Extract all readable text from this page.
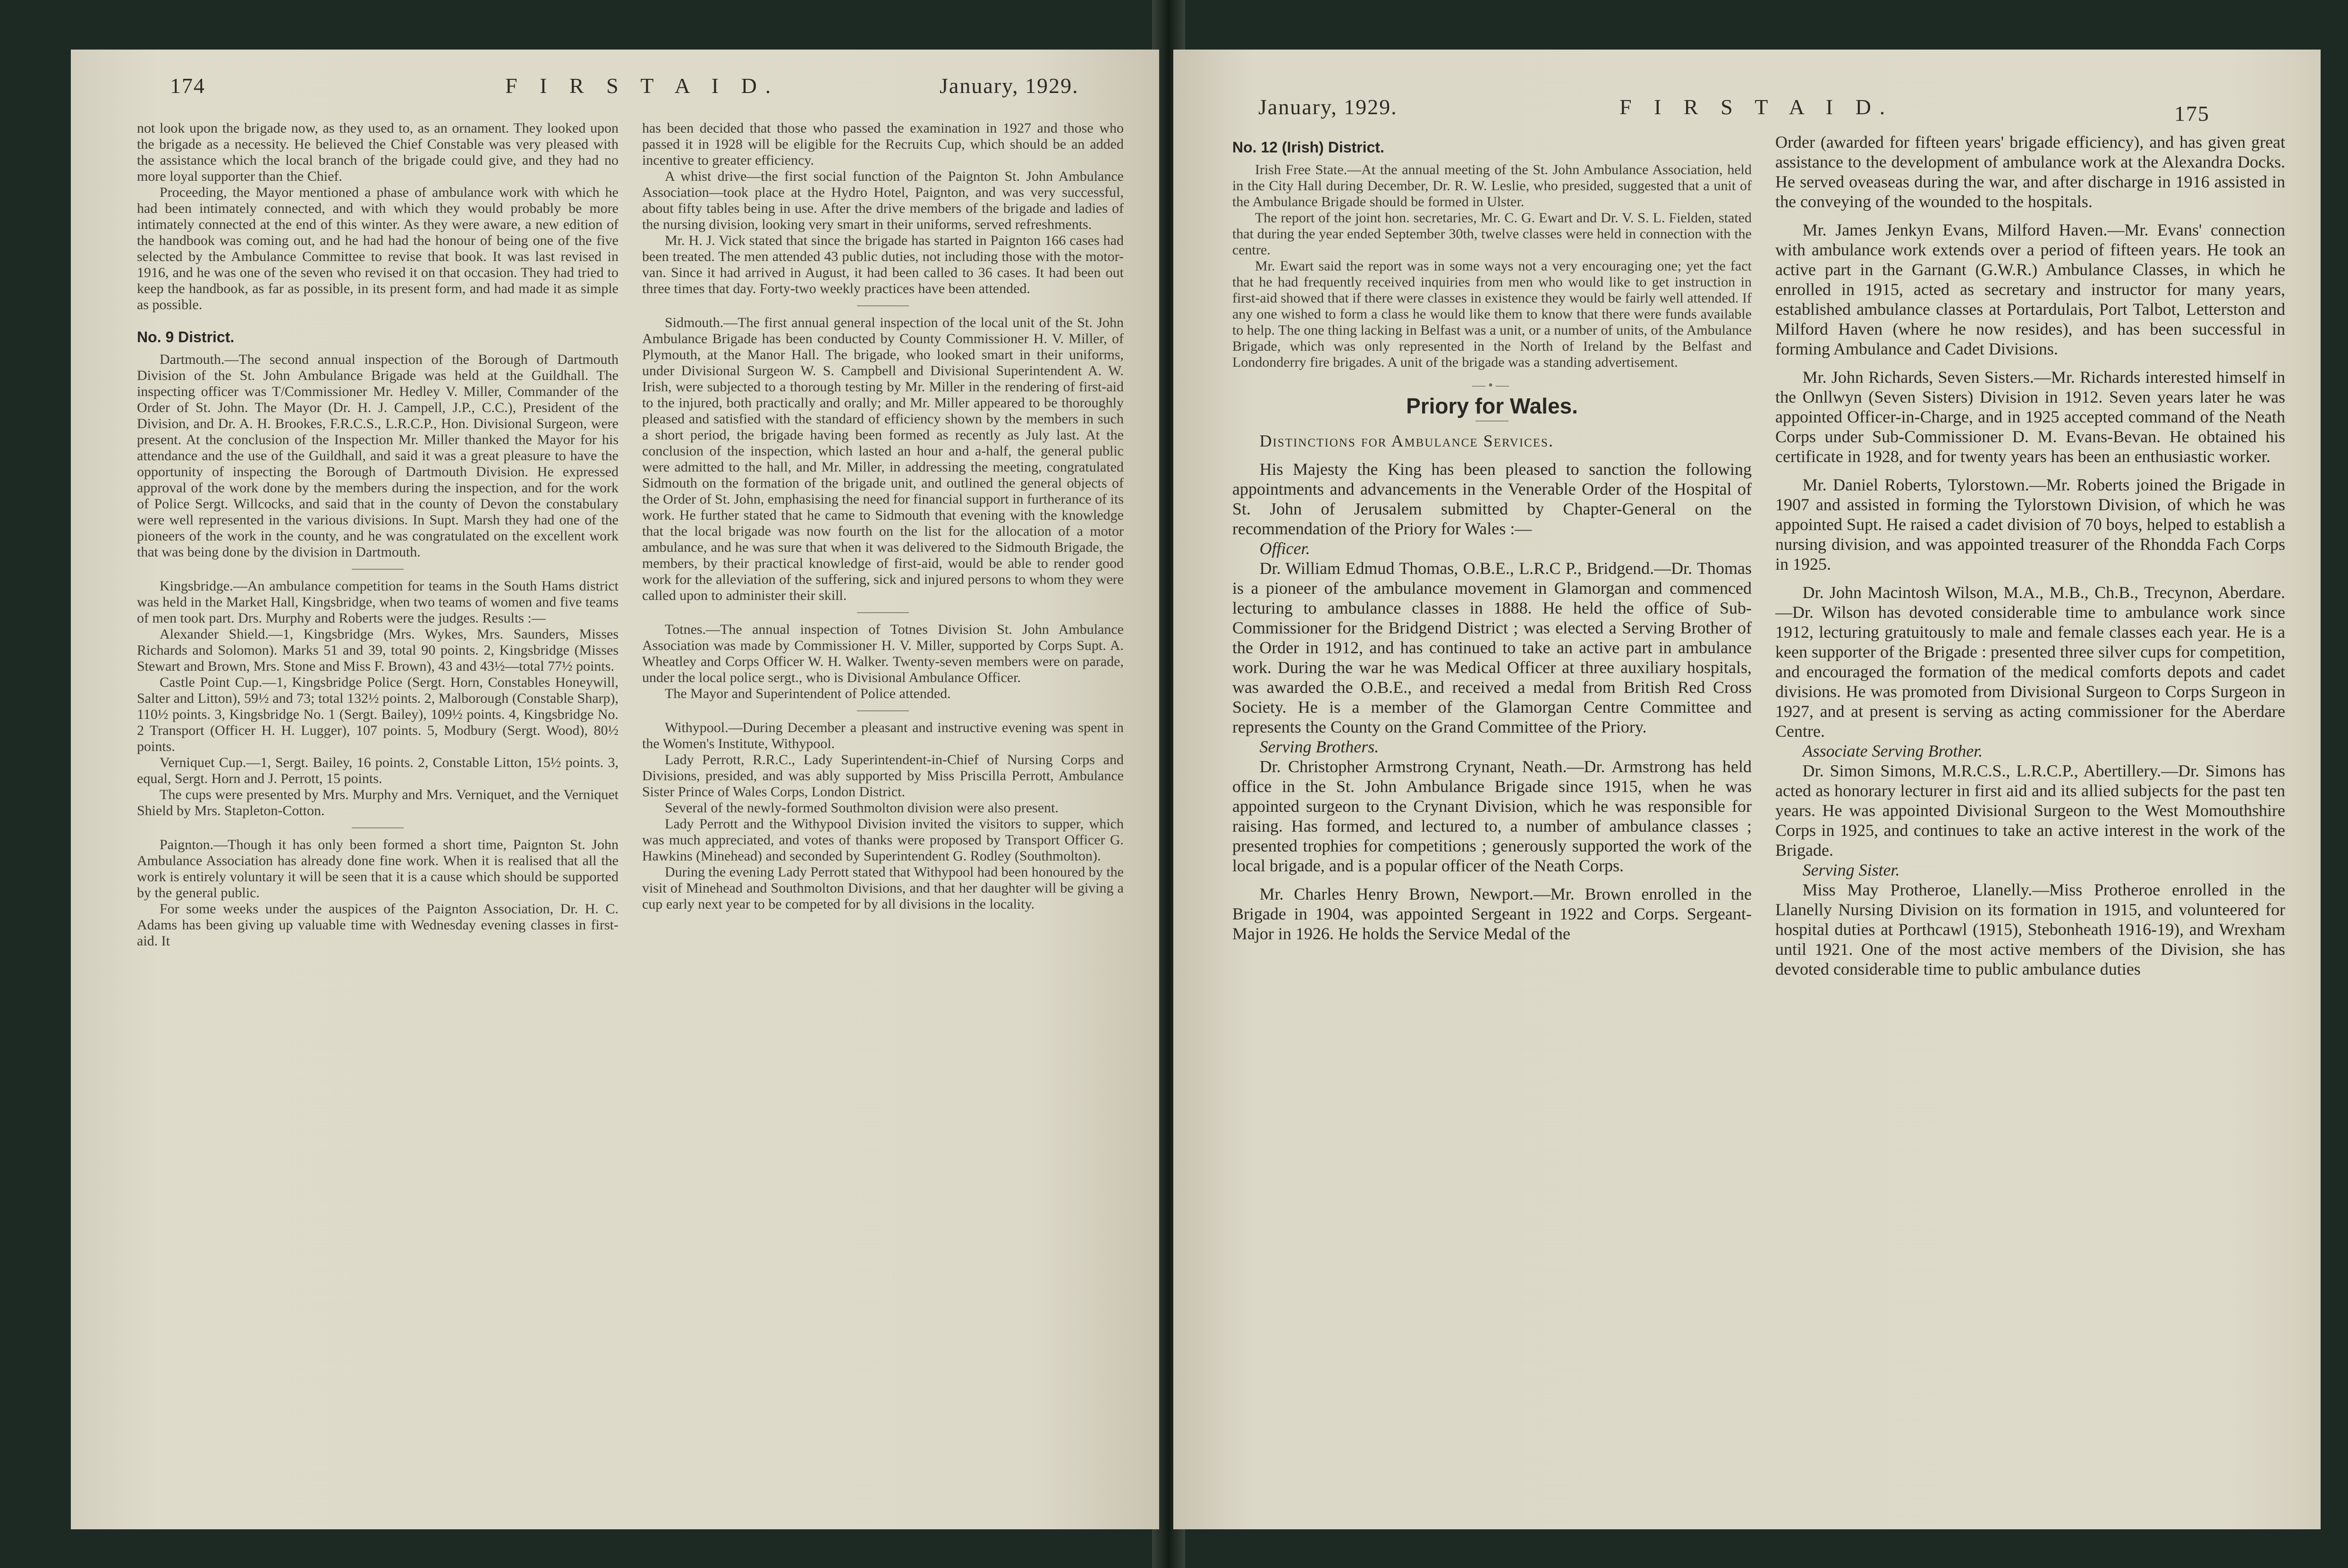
174	F I R S T A I D.	January, 1929.

not look upon the brigade now, as they used to, as an ornament. They looked upon the brigade as a necessity. He believed the Chief Constable was very pleased with the assistance which the local branch of the brigade could give, and they had no more loyal supporter than the Chief.

Proceeding, the Mayor mentioned a phase of ambulance work with which he had been intimately connected, and with which they would probably be more intimately connected at the end of this winter. As they were aware, a new edition of the handbook was coming out, and he had had the honour of being one of the five selected by the Ambulance Committee to revise that book. It was last revised in 1916, and he was one of the seven who revised it on that occasion. They had tried to keep the handbook, as far as possible, in its present form, and had made it as simple as possible.

No. 9 District.

Dartmouth.—The second annual inspection of the Borough of Dartmouth Division of the St. John Ambulance Brigade was held at the Guildhall. The inspecting officer was T/Commissioner Mr. Hedley V. Miller, Commander of the Order of St. John. The Mayor (Dr. H. J. Campell, J.P., C.C.), President of the Division, and Dr. A. H. Brookes, F.R.C.S., L.R.C.P., Hon. Divisional Surgeon, were present. At the conclusion of the Inspection Mr. Miller thanked the Mayor for his attendance and the use of the Guildhall, and said it was a great pleasure to have the opportunity of inspecting the Borough of Dartmouth Division. He expressed approval of the work done by the members during the inspection, and for the work of Police Sergt. Willcocks, and said that in the county of Devon the constabulary were well represented in the various divisions. In Supt. Marsh they had one of the pioneers of the work in the county, and he was congratulated on the excellent work that was being done by the division in Dartmouth.

Kingsbridge.—An ambulance competition for teams in the South Hams district was held in the Market Hall, Kingsbridge, when two teams of women and five teams of men took part. Drs. Murphy and Roberts were the judges. Results :—

Alexander Shield.—1, Kingsbridge (Mrs. Wykes, Mrs. Saunders, Misses Richards and Solomon). Marks 51 and 39, total 90 points. 2, Kingsbridge (Misses Stewart and Brown, Mrs. Stone and Miss F. Brown), 43 and 43½—total 77½ points.

Castle Point Cup.—1, Kingsbridge Police (Sergt. Horn, Constables Honeywill, Salter and Litton), 59½ and 73; total 132½ points. 2, Malborough (Constable Sharp), 110½ points. 3, Kingsbridge No. 1 (Sergt. Bailey), 109½ points. 4, Kingsbridge No. 2 Transport (Officer H. H. Lugger), 107 points. 5, Modbury (Sergt. Wood), 80½ points.

Verniquet Cup.—1, Sergt. Bailey, 16 points. 2, Constable Litton, 15½ points. 3, equal, Sergt. Horn and J. Perrott, 15 points.

The cups were presented by Mrs. Murphy and Mrs. Verniquet, and the Verniquet Shield by Mrs. Stapleton-Cotton.

Paignton.—Though it has only been formed a short time, Paignton St. John Ambulance Association has already done fine work. When it is realised that all the work is entirely voluntary it will be seen that it is a cause which should be supported by the general public.

For some weeks under the auspices of the Paignton Association, Dr. H. C. Adams has been giving up valuable time with Wednesday evening classes in first-aid. It

has been decided that those who passed the examination in 1927 and those who passed it in 1928 will be eligible for the Recruits Cup, which should be an added incentive to greater efficiency.

A whist drive—the first social function of the Paignton St. John Ambulance Association—took place at the Hydro Hotel, Paignton, and was very successful, about fifty tables being in use. After the drive members of the brigade and ladies of the nursing division, looking very smart in their uniforms, served refreshments.

Mr. H. J. Vick stated that since the brigade has started in Paignton 166 cases had been treated. The men attended 43 public duties, not including those with the motor-van. Since it had arrived in August, it had been called to 36 cases. It had been out three times that day. Forty-two weekly practices have been attended.

Sidmouth.—The first annual general inspection of the local unit of the St. John Ambulance Brigade has been conducted by County Commissioner H. V. Miller, of Plymouth, at the Manor Hall. The brigade, who looked smart in their uniforms, under Divisional Surgeon W. S. Campbell and Divisional Superintendent A. W. Irish, were subjected to a thorough testing by Mr. Miller in the rendering of first-aid to the injured, both practically and orally; and Mr. Miller appeared to be thoroughly pleased and satisfied with the standard of efficiency shown by the members in such a short period, the brigade having been formed as recently as July last. At the conclusion of the inspection, which lasted an hour and a-half, the general public were admitted to the hall, and Mr. Miller, in addressing the meeting, congratulated Sidmouth on the formation of the brigade unit, and outlined the general objects of the Order of St. John, emphasising the need for financial support in furtherance of its work. He further stated that he came to Sidmouth that evening with the knowledge that the local brigade was now fourth on the list for the allocation of a motor ambulance, and he was sure that when it was delivered to the Sidmouth Brigade, the members, by their practical knowledge of first-aid, would be able to render good work for the alleviation of the suffering, sick and injured persons to whom they were called upon to administer their skill.

Totnes.—The annual inspection of Totnes Division St. John Ambulance Association was made by Commissioner H. V. Miller, supported by Corps Supt. A. Wheatley and Corps Officer W. H. Walker. Twenty-seven members were on parade, under the local police sergt., who is Divisional Ambulance Officer.

The Mayor and Superintendent of Police attended.

Withypool.—During December a pleasant and instructive evening was spent in the Women's Institute, Withypool.

Lady Perrott, R.R.C., Lady Superintendent-in-Chief of Nursing Corps and Divisions, presided, and was ably supported by Miss Priscilla Perrott, Ambulance Sister Prince of Wales Corps, London District.

Several of the newly-formed Southmolton division were also present.

Lady Perrott and the Withypool Division invited the visitors to supper, which was much appreciated, and votes of thanks were proposed by Transport Officer G. Hawkins (Minehead) and seconded by Superintendent G. Rodley (Southmolton).

During the evening Lady Perrott stated that Withypool had been honoured by the visit of Minehead and Southmolton Divisions, and that her daughter will be giving a cup early next year to be competed for by all divisions in the locality.

January, 1929.	F I R S T A I D.	175
No. 12 (Irish) District.

Irish Free State.—At the annual meeting of the St. John Ambulance Association, held in the City Hall during December, Dr. R. W. Leslie, who presided, suggested that a unit of the Ambulance Brigade should be formed in Ulster.

The report of the joint hon. secretaries, Mr. C. G. Ewart and Dr. V. S. L. Fielden, stated that during the year ended September 30th, twelve classes were held in connection with the centre.

Mr. Ewart said the report was in some ways not a very encouraging one; yet the fact that he had frequently received inquiries from men who would like to get instruction in first-aid showed that if there were classes in existence they would be fairly well attended. If any one wished to form a class he would like them to know that there were funds available to help. The one thing lacking in Belfast was a unit, or a number of units, of the Ambulance Brigade, which was only represented in the North of Ireland by the Belfast and Londonderry fire brigades. A unit of the brigade was a standing advertisement.

—•—
Priory for Wales.

Distinctions for Ambulance Services.

His Majesty the King has been pleased to sanction the following appointments and advancements in the Venerable Order of the Hospital of St. John of Jerusalem submitted by Chapter-General on the recommendation of the Priory for Wales :—

Officer.

Dr. William Edmud Thomas, O.B.E., L.R.C P., Bridgend.—Dr. Thomas is a pioneer of the ambulance movement in Glamorgan and commenced lecturing to ambulance classes in 1888. He held the office of Sub-Commissioner for the Bridgend District ; was elected a Serving Brother of the Order in 1912, and has continued to take an active part in ambulance work. During the war he was Medical Officer at three auxiliary hospitals, was awarded the O.B.E., and received a medal from British Red Cross Society. He is a member of the Glamorgan Centre Committee and represents the County on the Grand Committee of the Priory.

Serving Brothers.

Dr. Christopher Armstrong Crynant, Neath.—Dr. Armstrong has held office in the St. John Ambulance Brigade since 1915, when he was appointed surgeon to the Crynant Division, which he was responsible for raising. Has formed, and lectured to, a number of ambulance classes ; presented trophies for competitions ; generously supported the work of the local brigade, and is a popular officer of the Neath Corps.

Mr. Charles Henry Brown, Newport.—Mr. Brown enrolled in the Brigade in 1904, was appointed Sergeant in 1922 and Corps. Sergeant-Major in 1926. He holds the Service Medal of the

Order (awarded for fifteen years' brigade efficiency), and has given great assistance to the development of ambulance work at the Alexandra Docks. He served oveaseas during the war, and after discharge in 1916 assisted in the conveying of the wounded to the hospitals.

Mr. James Jenkyn Evans, Milford Haven.—Mr. Evans' connection with ambulance work extends over a period of fifteen years. He took an active part in the Garnant (G.W.R.) Ambulance Classes, in which he enrolled in 1915, acted as secretary and instructor for many years, established ambulance classes at Portardulais, Port Talbot, Letterston and Milford Haven (where he now resides), and has been successful in forming Ambulance and Cadet Divisions.

Mr. John Richards, Seven Sisters.—Mr. Richards interested himself in the Onllwyn (Seven Sisters) Division in 1912. Seven years later he was appointed Officer-in-Charge, and in 1925 accepted command of the Neath Corps under Sub-Commissioner D. M. Evans-Bevan. He obtained his certificate in 1928, and for twenty years has been an enthusiastic worker.

Mr. Daniel Roberts, Tylorstown.—Mr. Roberts joined the Brigade in 1907 and assisted in forming the Tylorstown Division, of which he was appointed Supt. He raised a cadet division of 70 boys, helped to establish a nursing division, and was appointed treasurer of the Rhondda Fach Corps in 1925.

Dr. John Macintosh Wilson, M.A., M.B., Ch.B., Trecynon, Aberdare.—Dr. Wilson has devoted considerable time to ambulance work since 1912, lecturing gratuitously to male and female classes each year. He is a keen supporter of the Brigade : presented three silver cups for competition, and encouraged the formation of the medical comforts depots and cadet divisions. He was promoted from Divisional Surgeon to Corps Surgeon in 1927, and at present is serving as acting commissioner for the Aberdare Centre.

Associate Serving Brother.

Dr. Simon Simons, M.R.C.S., L.R.C.P., Abertillery.—Dr. Simons has acted as honorary lecturer in first aid and its allied subjects for the past ten years. He was appointed Divisional Surgeon to the West Momouthshire Corps in 1925, and continues to take an active interest in the work of the Brigade.

Serving Sister.

Miss May Protheroe, Llanelly.—Miss Protheroe enrolled in the Llanelly Nursing Division on its formation in 1915, and volunteered for hospital duties at Porthcawl (1915), Stebonheath 1916-19), and Wrexham until 1921. One of the most active members of the Division, she has devoted considerable time to public ambulance duties
